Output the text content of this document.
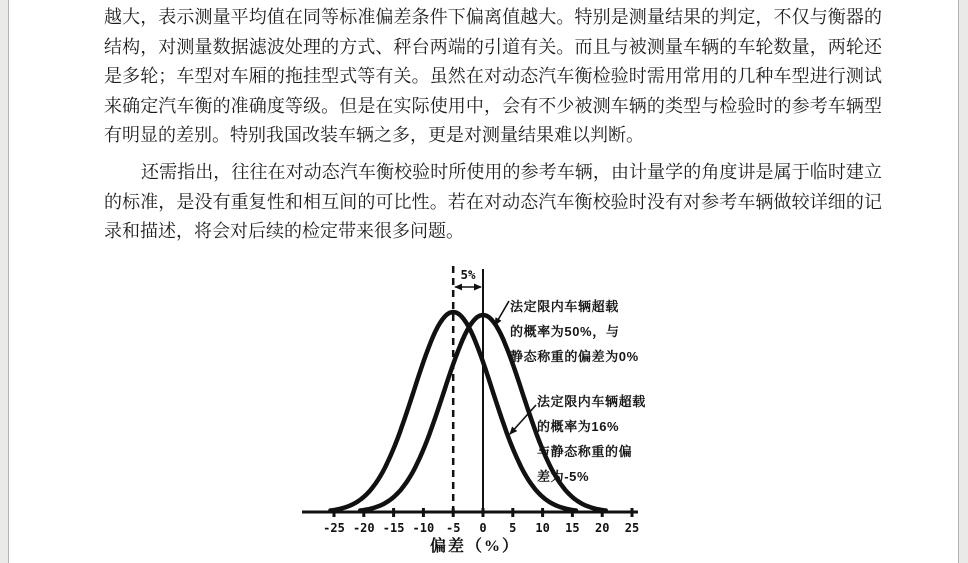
越大，表示测量平均值在同等标准偏差条件下偏离值越大。特别是测量结果的判定，不仅与衡器的
结构，对测量数据滤波处理的方式、秤台两端的引道有关。而且与被测量车辆的车轮数量，两轮还
是多轮；车型对车厢的拖挂型式等有关。虽然在对动态汽车衡检验时需用常用的几种车型进行测试
来确定汽车衡的准确度等级。但是在实际使用中，会有不少被测车辆的类型与检验时的参考车辆型
有明显的差别。特别我国改装车辆之多，更是对测量结果难以判断。
还需指出，往往在对动态汽车衡校验时所使用的参考车辆，由计量学的角度讲是属于临时建立
的标准，是没有重复性和相互间的可比性。若在对动态汽车衡校验时没有对参考车辆做较详细的记
录和描述，将会对后续的检定带来很多问题。
-25 -20 -15 -10 -5 0 5 10 15 20 25
5%
偏差（%）
法定限内车辆超载
的概率为50%，与
静态称重的偏差为0%
法定限内车辆超载
的概率为16%
与静态称重的偏
差为-5%
